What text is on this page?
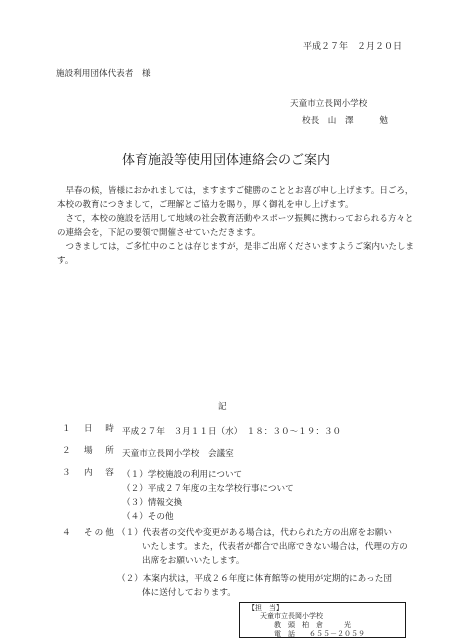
平成２７年　２月２０日
施設利用団体代表者　様
天童市立長岡小学校
校長　山　澤　　　勉
体育施設等使用団体連絡会のご案内

　早春の候，皆様におかれましては，ますますご健勝のこととお喜び申し上げます。日ごろ，本校の教育につきまして，ご理解とご協力を賜り，厚く御礼を申し上げます。

　さて，本校の施設を活用して地域の社会教育活動やスポーツ振興に携わっておられる方々との連絡会を，下記の要領で開催させていただきます。

　つきましては，ご多忙中のことは存じますが，是非ご出席くださいますようご案内いたします。

記
１ 日　時 平成２７年　３月１１日（水）　１８：３０〜１９：３０
２ 場　所 天童市立長岡小学校　会議室
３ 内　容 （１）学校施設の利用について
（２）平成２７年度の主な学校行事について
（３）情報交換
（４）その他
４ その他 （１）代表者の交代や変更がある場合は，代わられた方の出席をお願い
いたします。また，代表者が都合で出席できない場合は，代理の方の
出席をお願いいたします。
（２）本案内状は，平成２６年度に体育館等の使用が定期的にあった団
体に送付しております。
【担　当】
天童市立長岡小学校
教　頭　柏　倉　　　光
電　話　　６５５－２０５９
